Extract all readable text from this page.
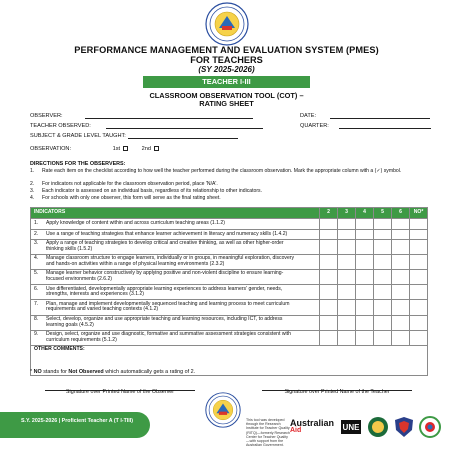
PERFORMANCE MANAGEMENT AND EVALUATION SYSTEM (PMES)
FOR TEACHERS
(SY 2025-2026)
TEACHER I-III
CLASSROOM OBSERVATION TOOL (COT) –
RATING SHEET
OBSERVER:	DATE:
TEACHER OBSERVED:	QUARTER:
SUBJECT & GRADE LEVEL TAUGHT:
OBSERVATION:	1st	2nd
DIRECTIONS FOR THE OBSERVERS:
1. Rate each item on the checklist according to how well the teacher performed during the classroom observation. Mark the appropriate column with a (✓) symbol.
2. For indicators not applicable for the classroom observation period, place 'N/A'.
3. Each indicator is assessed on an individual basis, regardless of its relationship to other indicators.
4. For schools with only one observer, this form will serve as the final rating sheet.
INDICATORS	2	3	4	5	6	NO*
1. Apply knowledge of content within and across curriculum teaching areas (1.1.2)						
2. Use a range of teaching strategies that enhance learner achievement in literacy and numeracy skills (1.4.2)						
3. Apply a range of teaching strategies to develop critical and creative thinking, as well as other higher-order thinking skills (1.5.2)						
4. Manage classroom structure to engage learners, individually or in groups, in meaningful exploration, discovery and hands-on activities within a range of physical learning environments (2.3.2)						
5. Manage learner behavior constructively by applying positive and non-violent discipline to ensure learning-focused environments (2.6.2)						
6. Use differentiated, developmentally appropriate learning experiences to address learners' gender, needs, strengths, interests and experiences (3.1.2)						
7. Plan, manage and implement developmentally sequenced teaching and learning process to meet curriculum requirements and varied teaching contexts (4.1.2)						
8. Select, develop, organize and use appropriate teaching and learning resources, including ICT, to address learning goals (4.5.2)						
9. Design, select, organize and use diagnostic, formative and summative assessment strategies consistent with curriculum requirements (5.1.2)						
OTHER COMMENTS:						
* NO stands for Not Observed which automatically gets a rating of 2.
Signature over Printed Name of the Observer	Signature over Printed Name of the Teacher
S.Y. 2025-2026 | Proficient Teacher A (T I-TIII)	This tool was developed through the Research Institute for Teacher Quality (RITQ)—formerly Research Center for Teacher Quality—with support from the Australian Government.
Australian
Aid	UNE
